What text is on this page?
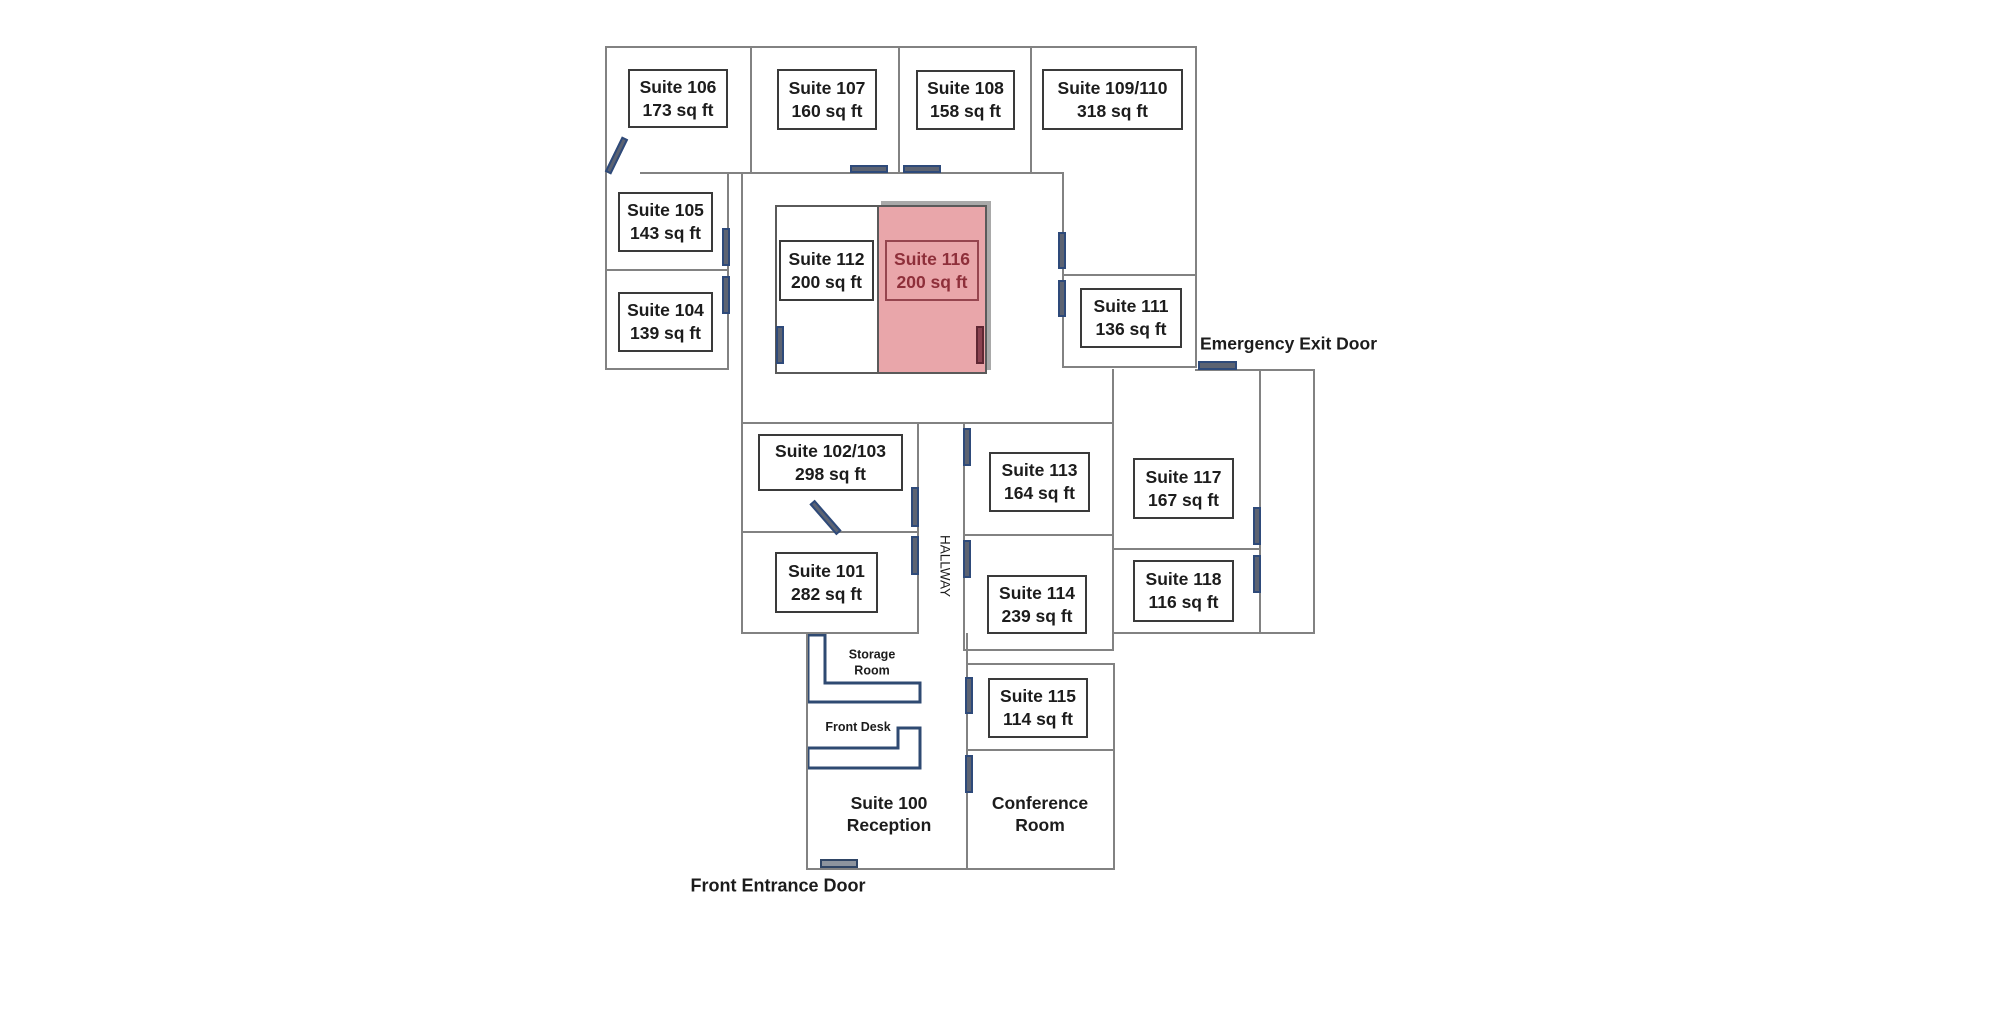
Suite 106
173 sq ft
Suite 107
160 sq ft
Suite 108
158 sq ft
Suite 109/110
318 sq ft
Suite 105
143 sq ft
Suite 104
139 sq ft
Suite 112
200 sq ft
Suite 116
200 sq ft
Suite 111
136 sq ft
Suite 102/103
298 sq ft
Suite 101
282 sq ft
Suite 113
164 sq ft
Suite 117
167 sq ft
Suite 114
239 sq ft
Suite 118
116 sq ft
Suite 115
114 sq ft
Storage
Room
Front Desk
HALLWAY
Suite 100
Reception
Conference
Room
Emergency Exit Door
Front Entrance Door
